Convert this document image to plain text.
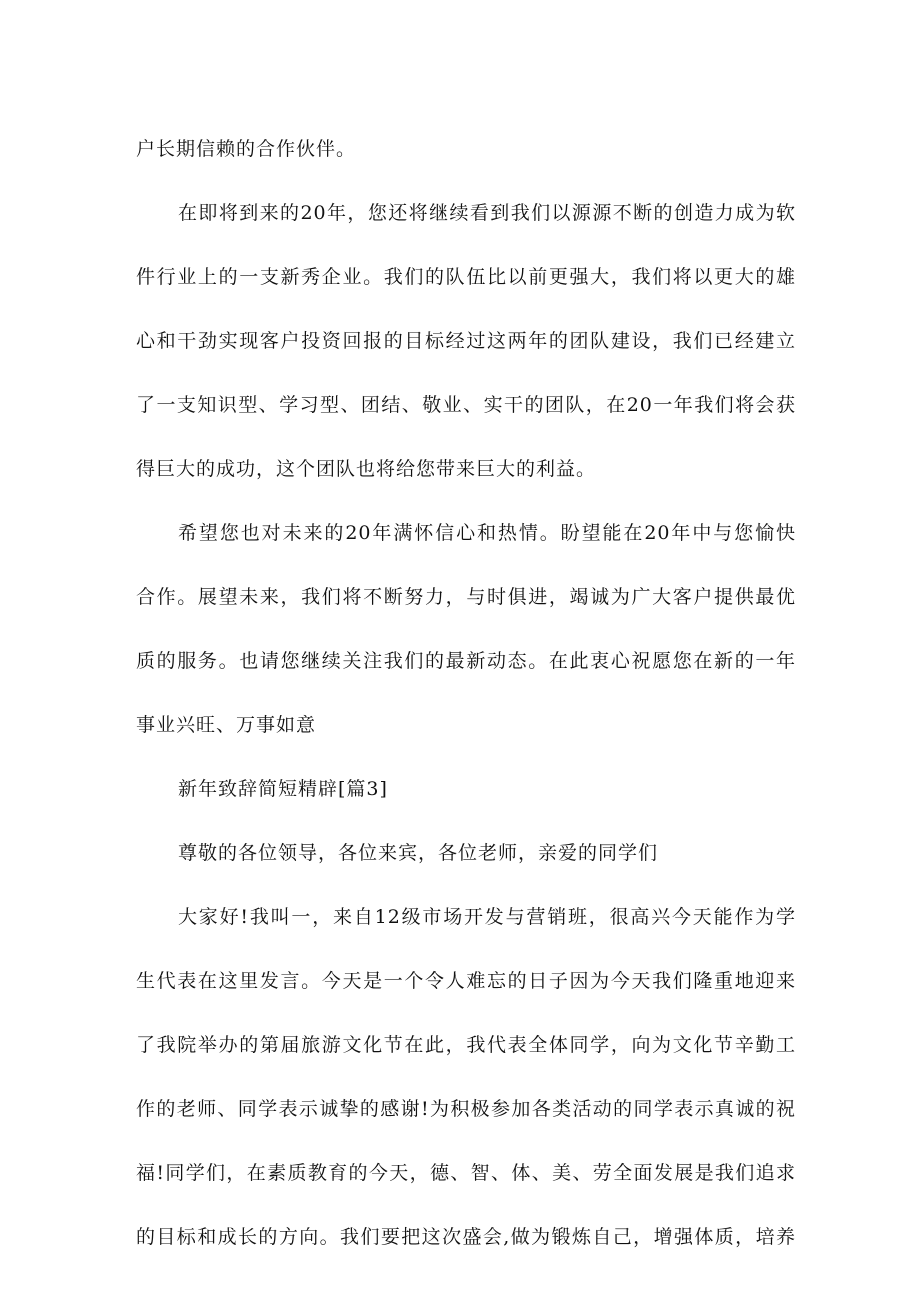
户长期信赖的合作伙伴。
在即将到来的20年，您还将继续看到我们以源源不断的创造力成为软
件行业上的一支新秀企业。我们的队伍比以前更强大，我们将以更大的雄
心和干劲实现客户投资回报的目标经过这两年的团队建设，我们已经建立
了一支知识型、学习型、团结、敬业、实干的团队，在20一年我们将会获
得巨大的成功，这个团队也将给您带来巨大的利益。
希望您也对未来的20年满怀信心和热情。盼望能在20年中与您愉快
合作。展望未来，我们将不断努力，与时俱进，竭诚为广大客户提供最优
质的服务。也请您继续关注我们的最新动态。在此衷心祝愿您在新的一年
事业兴旺、万事如意
新年致辞简短精辟[篇3]
尊敬的各位领导，各位来宾，各位老师，亲爱的同学们
大家好!我叫一，来自12级市场开发与营销班，很高兴今天能作为学
生代表在这里发言。今天是一个令人难忘的日子因为今天我们隆重地迎来
了我院举办的第届旅游文化节在此，我代表全体同学，向为文化节辛勤工
作的老师、同学表示诚挚的感谢!为积极参加各类活动的同学表示真诚的祝
福!同学们，在素质教育的今天，德、智、体、美、劳全面发展是我们追求
的目标和成长的方向。我们要把这次盛会,做为锻炼自己，增强体质，培养
